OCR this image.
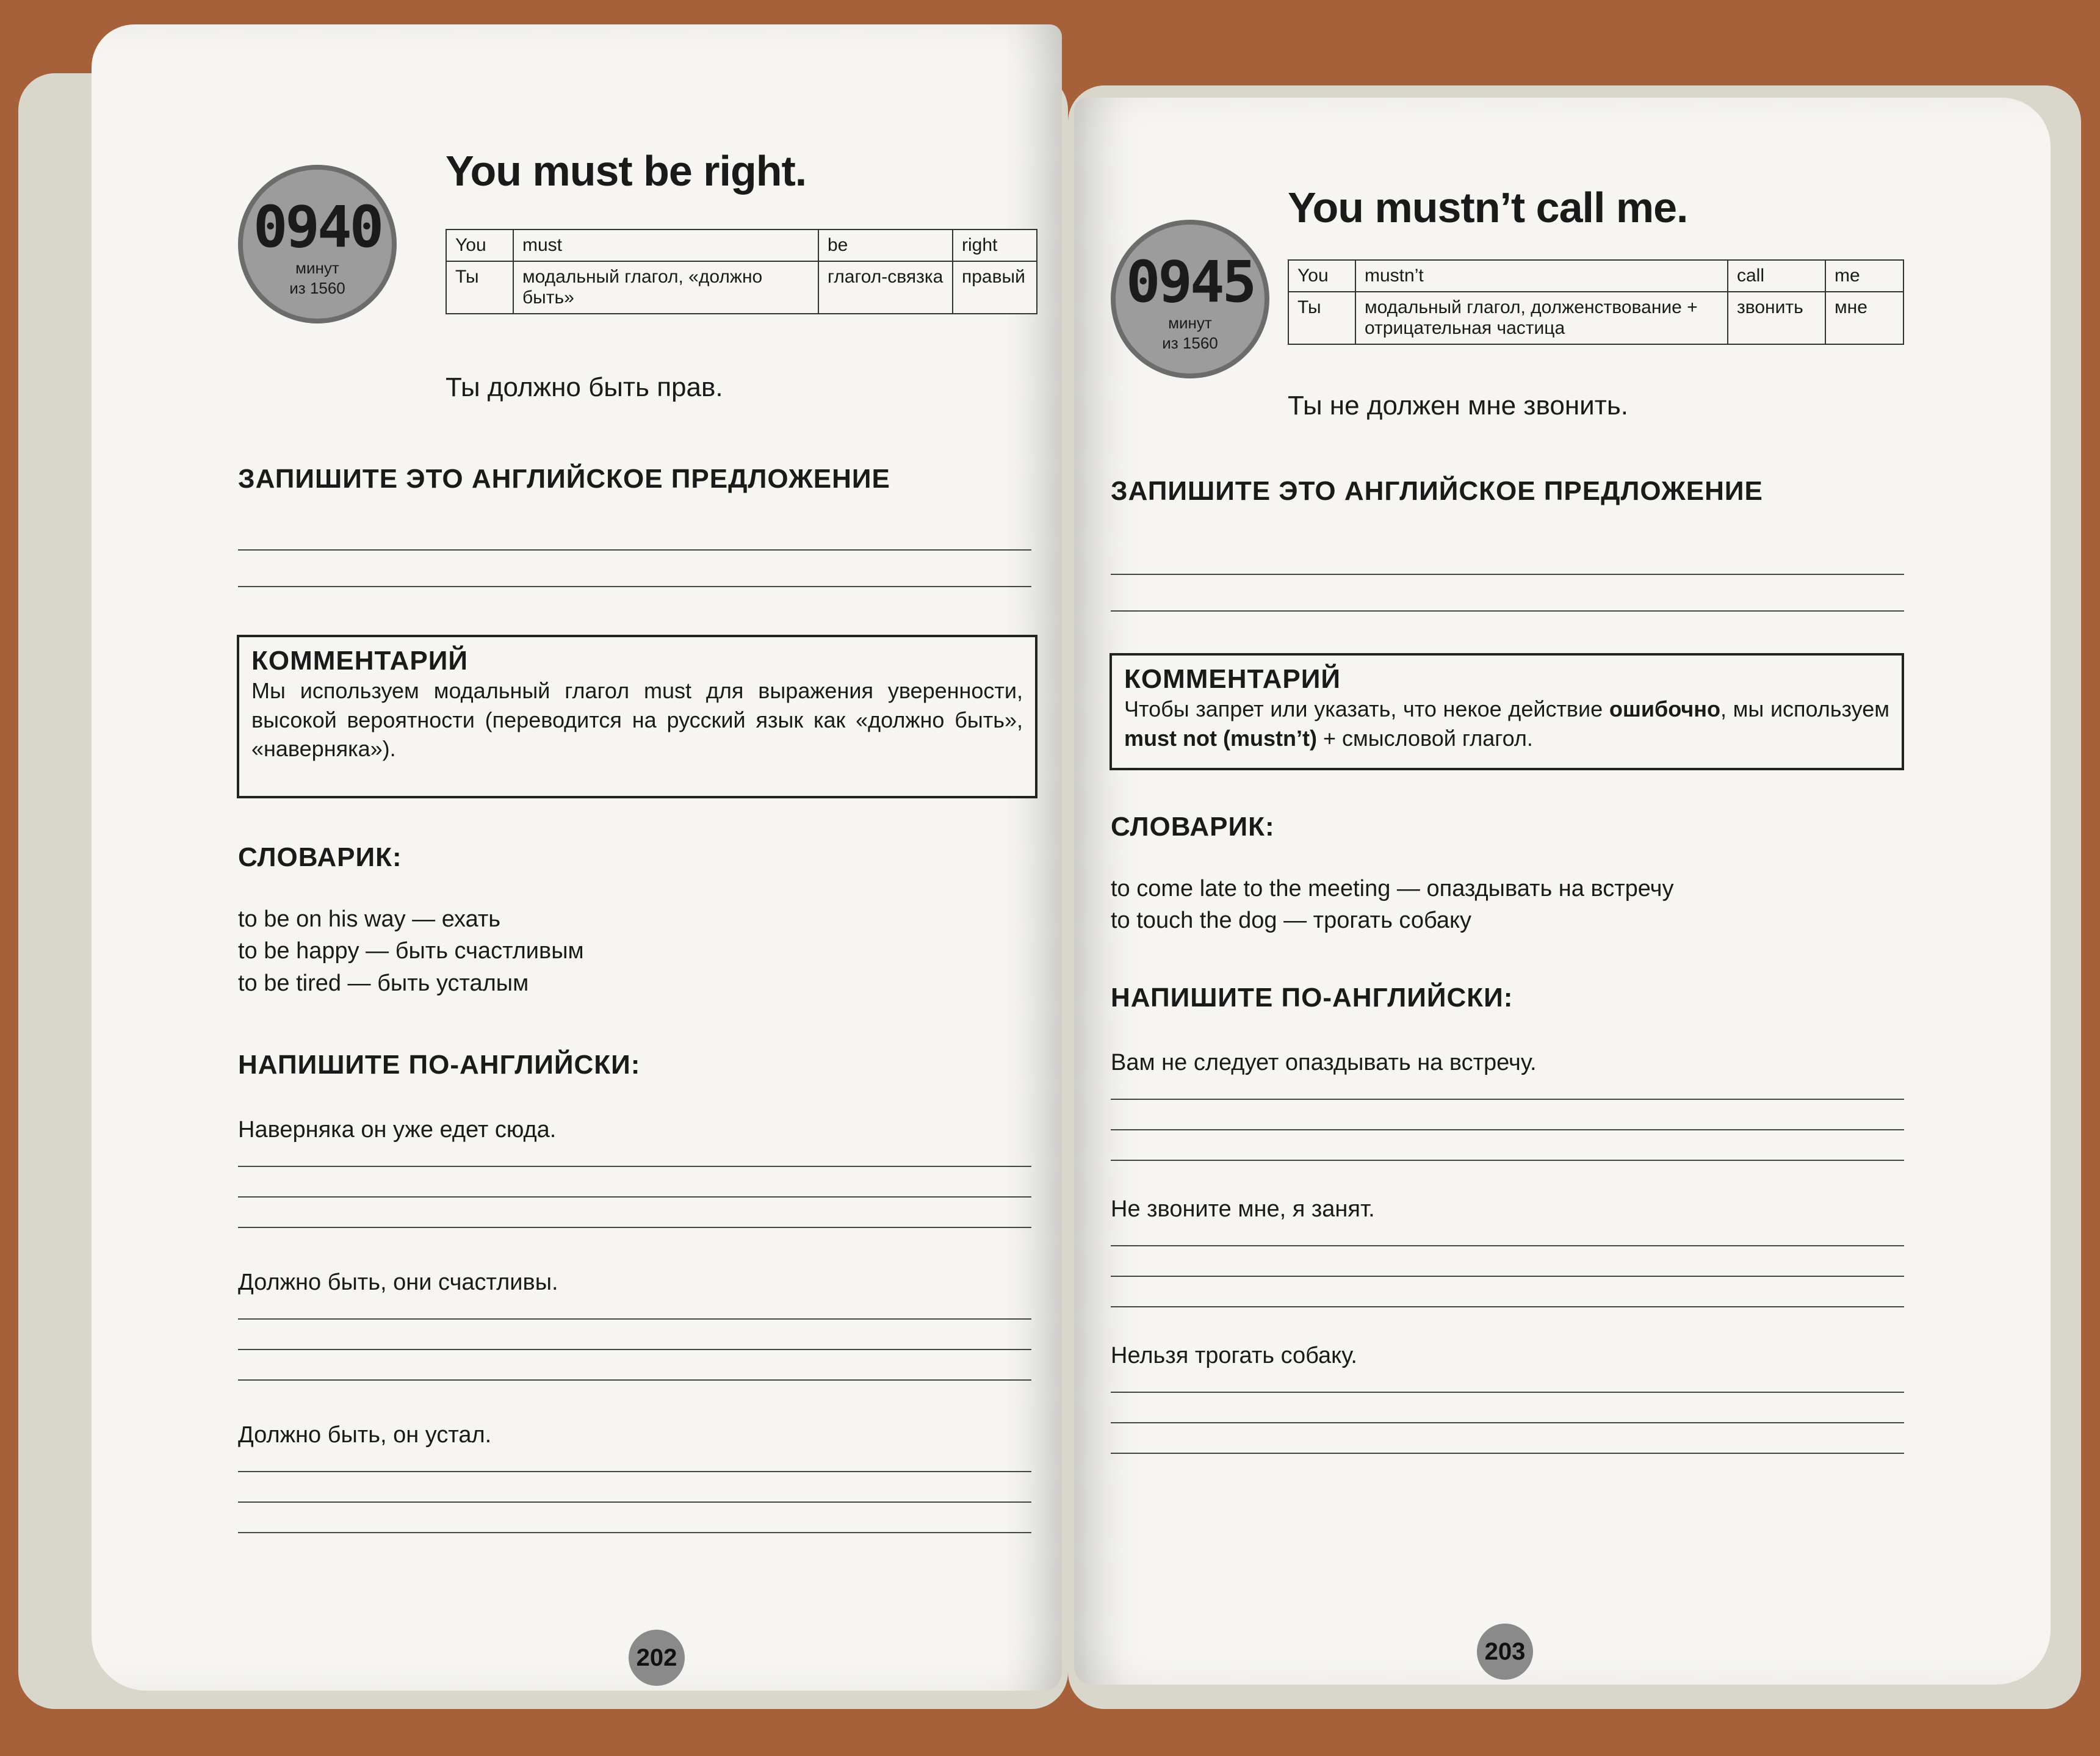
0940
минут
из 1560
You must be right.
You	must	be	right
Ты	модальный глагол, «должно быть»	глагол-связка	правый
Ты должно быть прав.
ЗАПИШИТЕ ЭТО АНГЛИЙСКОЕ ПРЕДЛОЖЕНИЕ
КОММЕНТАРИЙ
Мы используем модальный глагол must для выражения уверенности, высокой вероятности (переводится на русский язык как «должно быть», «наверняка»).
СЛОВАРИК:
to be on his way — ехать
to be happy — быть счастливым
to be tired — быть усталым
НАПИШИТЕ ПО-АНГЛИЙСКИ:
Наверняка он уже едет сюда.
Должно быть, они счастливы.
Должно быть, он устал.
202
0945
минут
из 1560
You mustn’t call me.
You	mustn’t	call	me
Ты	модальный глагол, долженствование + отрицательная частица	звонить	мне
Ты не должен мне звонить.
ЗАПИШИТЕ ЭТО АНГЛИЙСКОЕ ПРЕДЛОЖЕНИЕ
КОММЕНТАРИЙ
Чтобы запрет или указать, что некое действие ошибочно, мы используем must not (mustn’t) + смысловой глагол.
СЛОВАРИК:
to come late to the meeting — опаздывать на встречу
to touch the dog — трогать собаку
НАПИШИТЕ ПО-АНГЛИЙСКИ:
Вам не следует опаздывать на встречу.
Не звоните мне, я занят.
Нельзя трогать собаку.
203
